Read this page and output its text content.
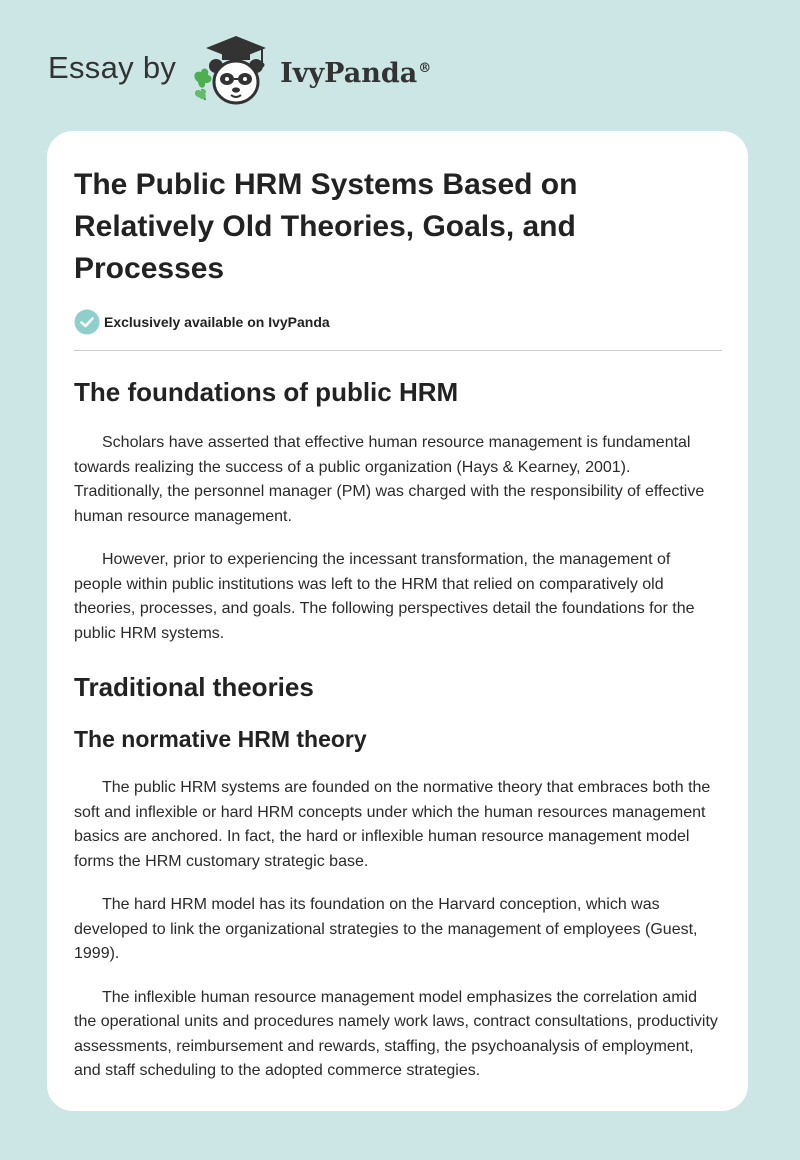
Essay by	IvyPanda®
The Public HRM Systems Based on Relatively Old Theories, Goals, and Processes
Exclusively available on IvyPanda
The foundations of public HRM

Scholars have asserted that effective human resource management is fundamental towards realizing the success of a public organization (Hays & Kearney, 2001). Traditionally, the personnel manager (PM) was charged with the responsibility of effective human resource management.

However, prior to experiencing the incessant transformation, the management of people within public institutions was left to the HRM that relied on comparatively old theories, processes, and goals. The following perspectives detail the foundations for the public HRM systems.

Traditional theories
The normative HRM theory

The public HRM systems are founded on the normative theory that embraces both the soft and inflexible or hard HRM concepts under which the human resources management basics are anchored. In fact, the hard or inflexible human resource management model forms the HRM customary strategic base.

The hard HRM model has its foundation on the Harvard conception, which was developed to link the organizational strategies to the management of employees (Guest, 1999).

The inflexible human resource management model emphasizes the correlation amid the operational units and procedures namely work laws, contract consultations, productivity assessments, reimbursement and rewards, staffing, the psychoanalysis of employment, and staff scheduling to the adopted commerce strategies.
